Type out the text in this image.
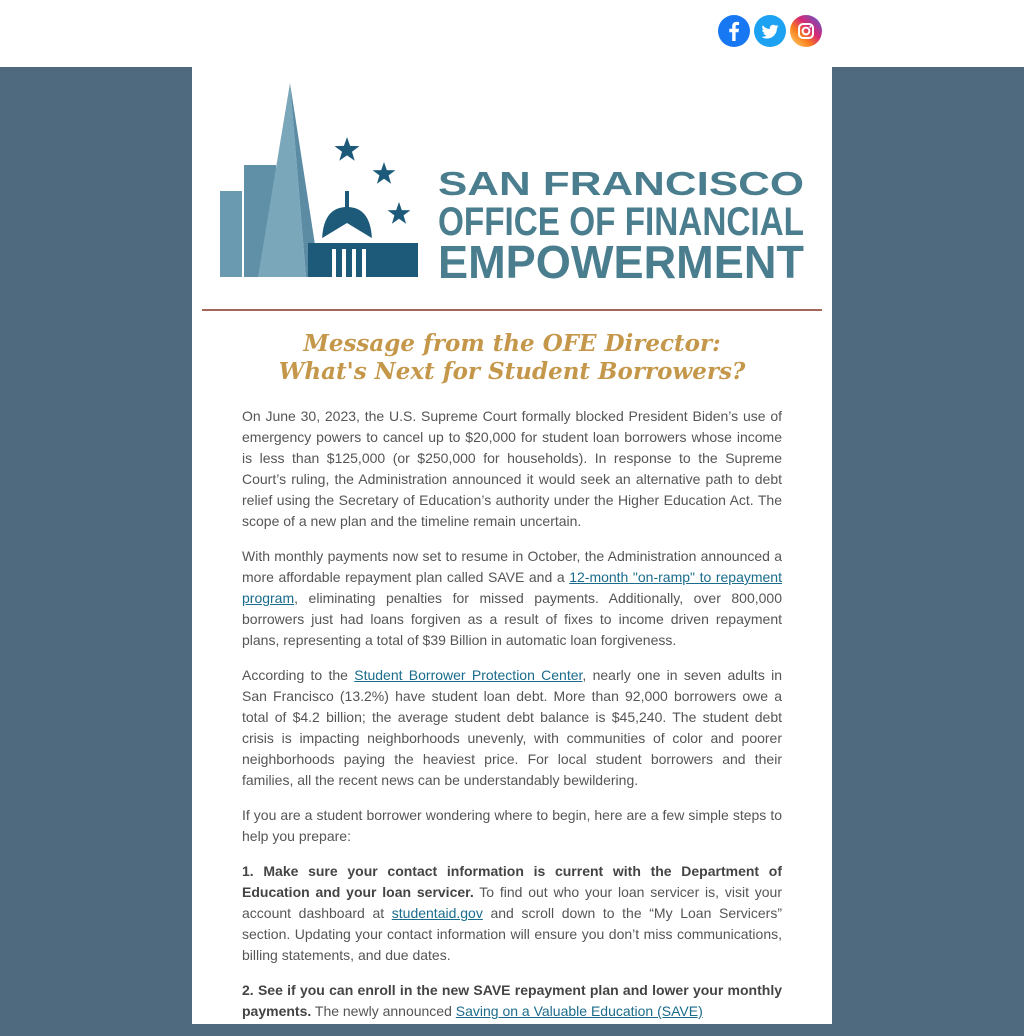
SAN FRANCISCO
OFFICE OF FINANCIAL
EMPOWERMENT
Message from the OFE Director:
What's Next for Student Borrowers?

On June 30, 2023, the U.S. Supreme Court formally blocked President Biden’s use of emergency powers to cancel up to $20,000 for student loan borrowers whose income is less than $125,000 (or $250,000 for households). In response to the Supreme Court’s ruling, the Administration announced it would seek an alternative path to debt relief using the Secretary of Education’s authority under the Higher Education Act. The scope of a new plan and the timeline remain uncertain.

With monthly payments now set to resume in October, the Administration announced a more affordable repayment plan called SAVE and a 12-month "on-ramp" to repayment program, eliminating penalties for missed payments. Additionally, over 800,000 borrowers just had loans forgiven as a result of fixes to income driven repayment plans, representing a total of $39 Billion in automatic loan forgiveness.

According to the Student Borrower Protection Center, nearly one in seven adults in San Francisco (13.2%) have student loan debt. More than 92,000 borrowers owe a total of $4.2 billion; the average student debt balance is $45,240. The student debt crisis is impacting neighborhoods unevenly, with communities of color and poorer neighborhoods paying the heaviest price. For local student borrowers and their families, all the recent news can be understandably bewildering.

If you are a student borrower wondering where to begin, here are a few simple steps to help you prepare:

1. Make sure your contact information is current with the Department of Education and your loan servicer. To find out who your loan servicer is, visit your account dashboard at studentaid.gov and scroll down to the “My Loan Servicers” section. Updating your contact information will ensure you don’t miss communications, billing statements, and due dates.

2. See if you can enroll in the new SAVE repayment plan and lower your monthly payments. The newly announced Saving on a Valuable Education (SAVE)
